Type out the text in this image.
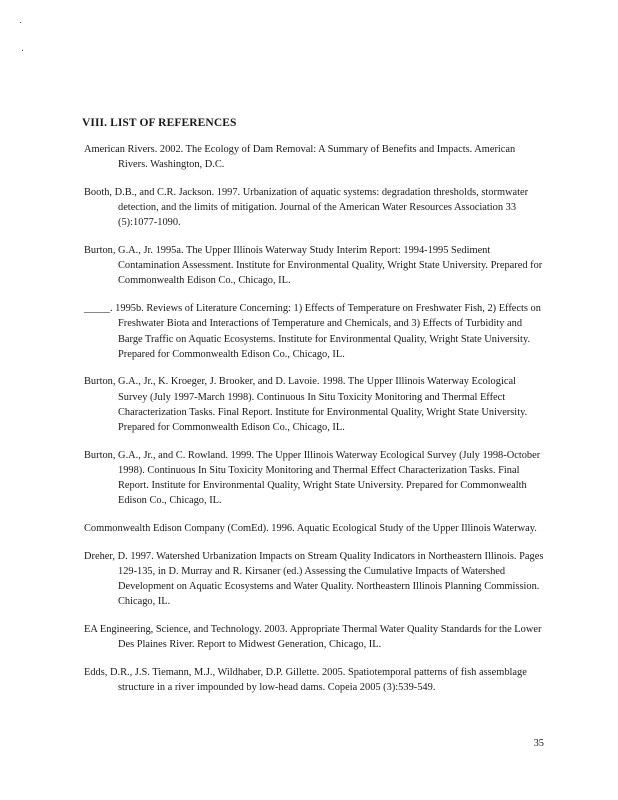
VIII. LIST OF REFERENCES

American Rivers. 2002. The Ecology of Dam Removal: A Summary of Benefits and Impacts. American Rivers. Washington, D.C.

Booth, D.B., and C.R. Jackson. 1997. Urbanization of aquatic systems: degradation thresholds, stormwater detection, and the limits of mitigation. Journal of the American Water Resources Association 33 (5):1077-1090.

Burton, G.A., Jr. 1995a. The Upper Illinois Waterway Study Interim Report: 1994-1995 Sediment Contamination Assessment. Institute for Environmental Quality, Wright State University. Prepared for Commonwealth Edison Co., Chicago, IL.

_____. 1995b. Reviews of Literature Concerning: 1) Effects of Temperature on Freshwater Fish, 2) Effects on Freshwater Biota and Interactions of Temperature and Chemicals, and 3) Effects of Turbidity and Barge Traffic on Aquatic Ecosystems. Institute for Environmental Quality, Wright State University. Prepared for Commonwealth Edison Co., Chicago, IL.

Burton, G.A., Jr., K. Kroeger, J. Brooker, and D. Lavoie. 1998. The Upper Illinois Waterway Ecological Survey (July 1997-March 1998). Continuous In Situ Toxicity Monitoring and Thermal Effect Characterization Tasks. Final Report. Institute for Environmental Quality, Wright State University. Prepared for Commonwealth Edison Co., Chicago, IL.

Burton, G.A., Jr., and C. Rowland. 1999. The Upper Illinois Waterway Ecological Survey (July 1998-October 1998). Continuous In Situ Toxicity Monitoring and Thermal Effect Characterization Tasks. Final Report. Institute for Environmental Quality, Wright State University. Prepared for Commonwealth Edison Co., Chicago, IL.

Commonwealth Edison Company (ComEd). 1996. Aquatic Ecological Study of the Upper Illinois Waterway.

Dreher, D. 1997. Watershed Urbanization Impacts on Stream Quality Indicators in Northeastern Illinois. Pages 129-135, in D. Murray and R. Kirsaner (ed.) Assessing the Cumulative Impacts of Watershed Development on Aquatic Ecosystems and Water Quality. Northeastern Illinois Planning Commission. Chicago, IL.

EA Engineering, Science, and Technology. 2003. Appropriate Thermal Water Quality Standards for the Lower Des Plaines River. Report to Midwest Generation, Chicago, IL.

Edds, D.R., J.S. Tiemann, M.J., Wildhaber, D.P. Gillette. 2005. Spatiotemporal patterns of fish assemblage structure in a river impounded by low-head dams. Copeia 2005 (3):539-549.

35
